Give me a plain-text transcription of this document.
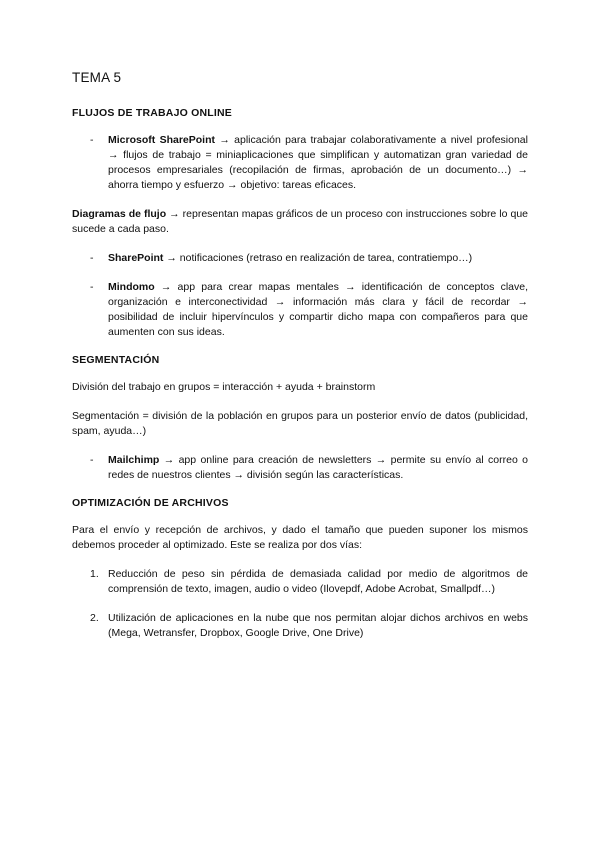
TEMA 5
FLUJOS DE TRABAJO ONLINE
- Microsoft SharePoint → aplicación para trabajar colaborativamente a nivel profesional → flujos de trabajo = miniaplicaciones que simplifican y automatizan gran variedad de procesos empresariales (recopilación de firmas, aprobación de un documento…) → ahorra tiempo y esfuerzo → objetivo: tareas eficaces.
Diagramas de flujo → representan mapas gráficos de un proceso con instrucciones sobre lo que sucede a cada paso.
- SharePoint → notificaciones (retraso en realización de tarea, contratiempo…)
- Mindomo → app para crear mapas mentales → identificación de conceptos clave, organización e interconectividad → información más clara y fácil de recordar → posibilidad de incluir hipervínculos y compartir dicho mapa con compañeros para que aumenten con sus ideas.
SEGMENTACIÓN
División del trabajo en grupos = interacción + ayuda + brainstorm
Segmentación = división de la población en grupos para un posterior envío de datos (publicidad, spam, ayuda…)
- Mailchimp → app online para creación de newsletters → permite su envío al correo o redes de nuestros clientes → división según las características.
OPTIMIZACIÓN DE ARCHIVOS
Para el envío y recepción de archivos, y dado el tamaño que pueden suponer los mismos debemos proceder al optimizado. Este se realiza por dos vías:
1. Reducción de peso sin pérdida de demasiada calidad por medio de algoritmos de comprensión de texto, imagen, audio o video (Ilovepdf, Adobe Acrobat, Smallpdf…)
2. Utilización de aplicaciones en la nube que nos permitan alojar dichos archivos en webs (Mega, Wetransfer, Dropbox, Google Drive, One Drive)
